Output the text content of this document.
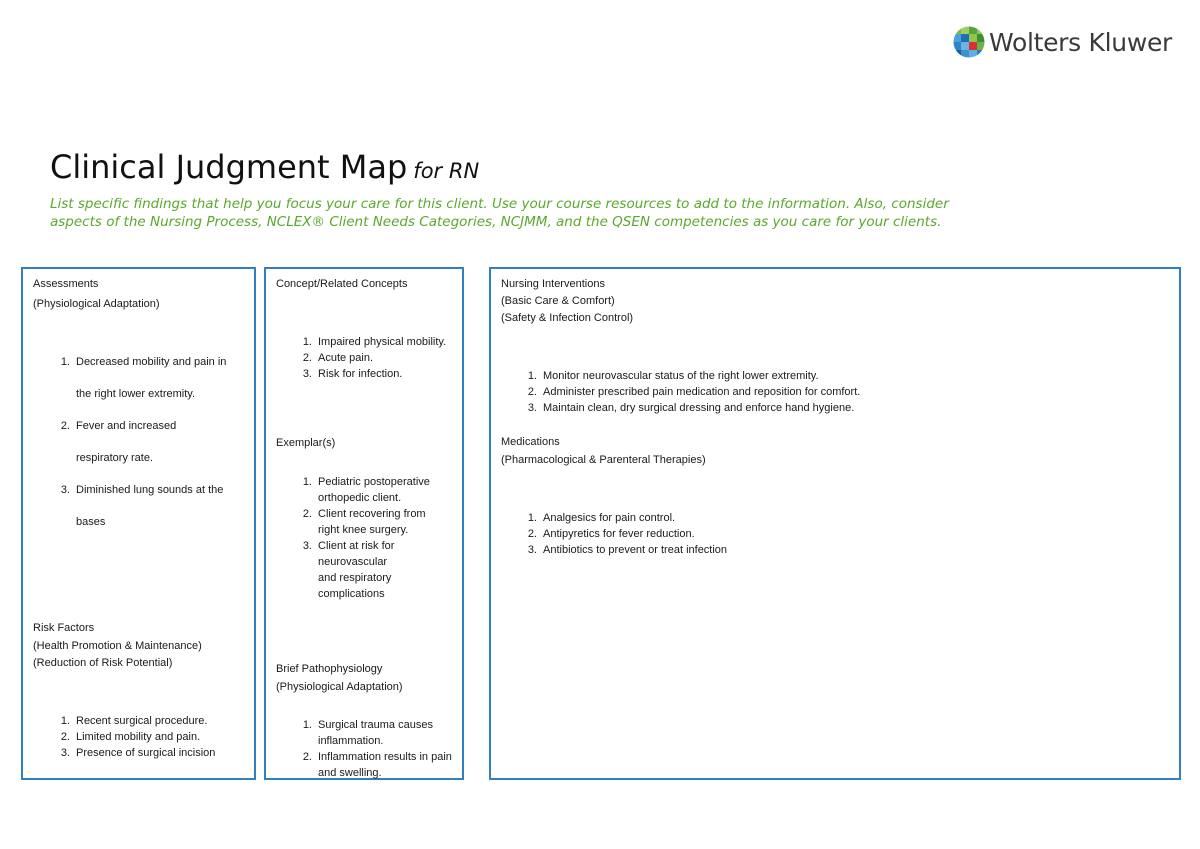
Wolters Kluwer
Clinical Judgment Map for RN
List specific findings that help you focus your care for this client. Use your course resources to add to the information. Also, consider aspects of the Nursing Process, NCLEX® Client Needs Categories, NCJMM, and the QSEN competencies as you care for your clients.
Assessments
(Physiological Adaptation)
1. Decreased mobility and pain in
the right lower extremity.
2. Fever and increased
respiratory rate.
3. Diminished lung sounds at the
bases
Risk Factors
(Health Promotion & Maintenance)
(Reduction of Risk Potential)
1. Recent surgical procedure.
2. Limited mobility and pain.
3. Presence of surgical incision
Concept/Related Concepts
1. Impaired physical mobility.
2. Acute pain.
3. Risk for infection.
Exemplar(s)
1. Pediatric postoperative orthopedic client.
2. Client recovering from right knee surgery.
3. Client at risk for neurovascular and respiratory complications
Brief Pathophysiology
(Physiological Adaptation)
1. Surgical trauma causes inflammation.
2. Inflammation results in pain and swelling.
Nursing Interventions
(Basic Care & Comfort)
(Safety & Infection Control)
1. Monitor neurovascular status of the right lower extremity.
2. Administer prescribed pain medication and reposition for comfort.
3. Maintain clean, dry surgical dressing and enforce hand hygiene.
Medications
(Pharmacological & Parenteral Therapies)
1. Analgesics for pain control.
2. Antipyretics for fever reduction.
3. Antibiotics to prevent or treat infection
